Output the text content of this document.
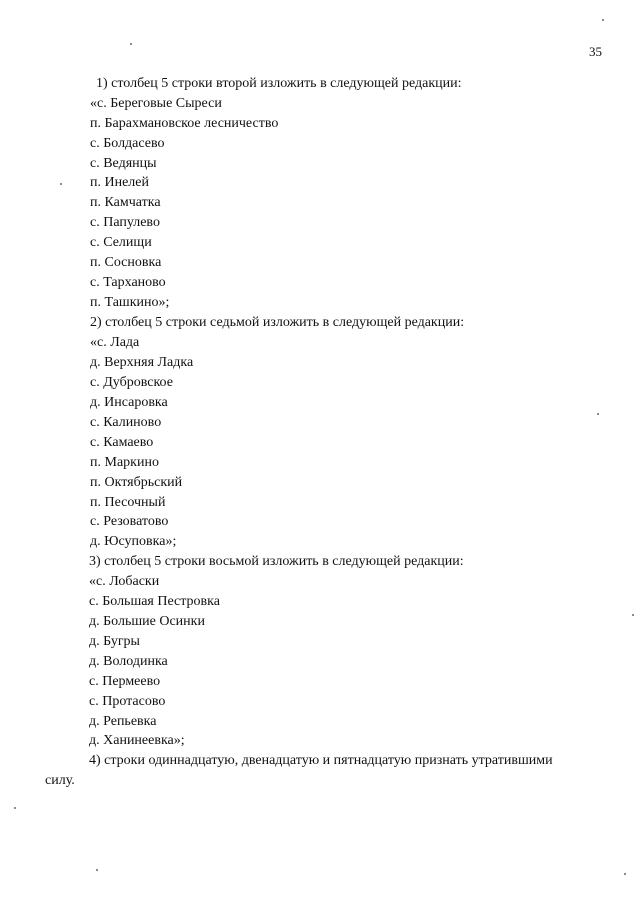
35
1) столбец 5 строки второй изложить в следующей редакции:
«с. Береговые Сыреси
п. Барахмановское лесничество
с. Болдасево
с. Ведянцы
п. Инелей
п. Камчатка
с. Папулево
с. Селищи
п. Сосновка
с. Тарханово
п. Ташкино»;
2) столбец 5 строки седьмой изложить в следующей редакции:
«с. Лада
д. Верхняя Ладка
с. Дубровское
д. Инсаровка
с. Калиново
с. Камаево
п. Маркино
п. Октябрьский
п. Песочный
с. Резоватово
д. Юсуповка»;
3) столбец 5 строки восьмой изложить в следующей редакции:
«с. Лобаски
с. Большая Пестровка
д. Большие Осинки
д. Бугры
д. Володинка
с. Пермеево
с. Протасово
д. Репьевка
д. Ханинеевка»;
4) строки одиннадцатую, двенадцатую и пятнадцатую признать утратившими
силу.
